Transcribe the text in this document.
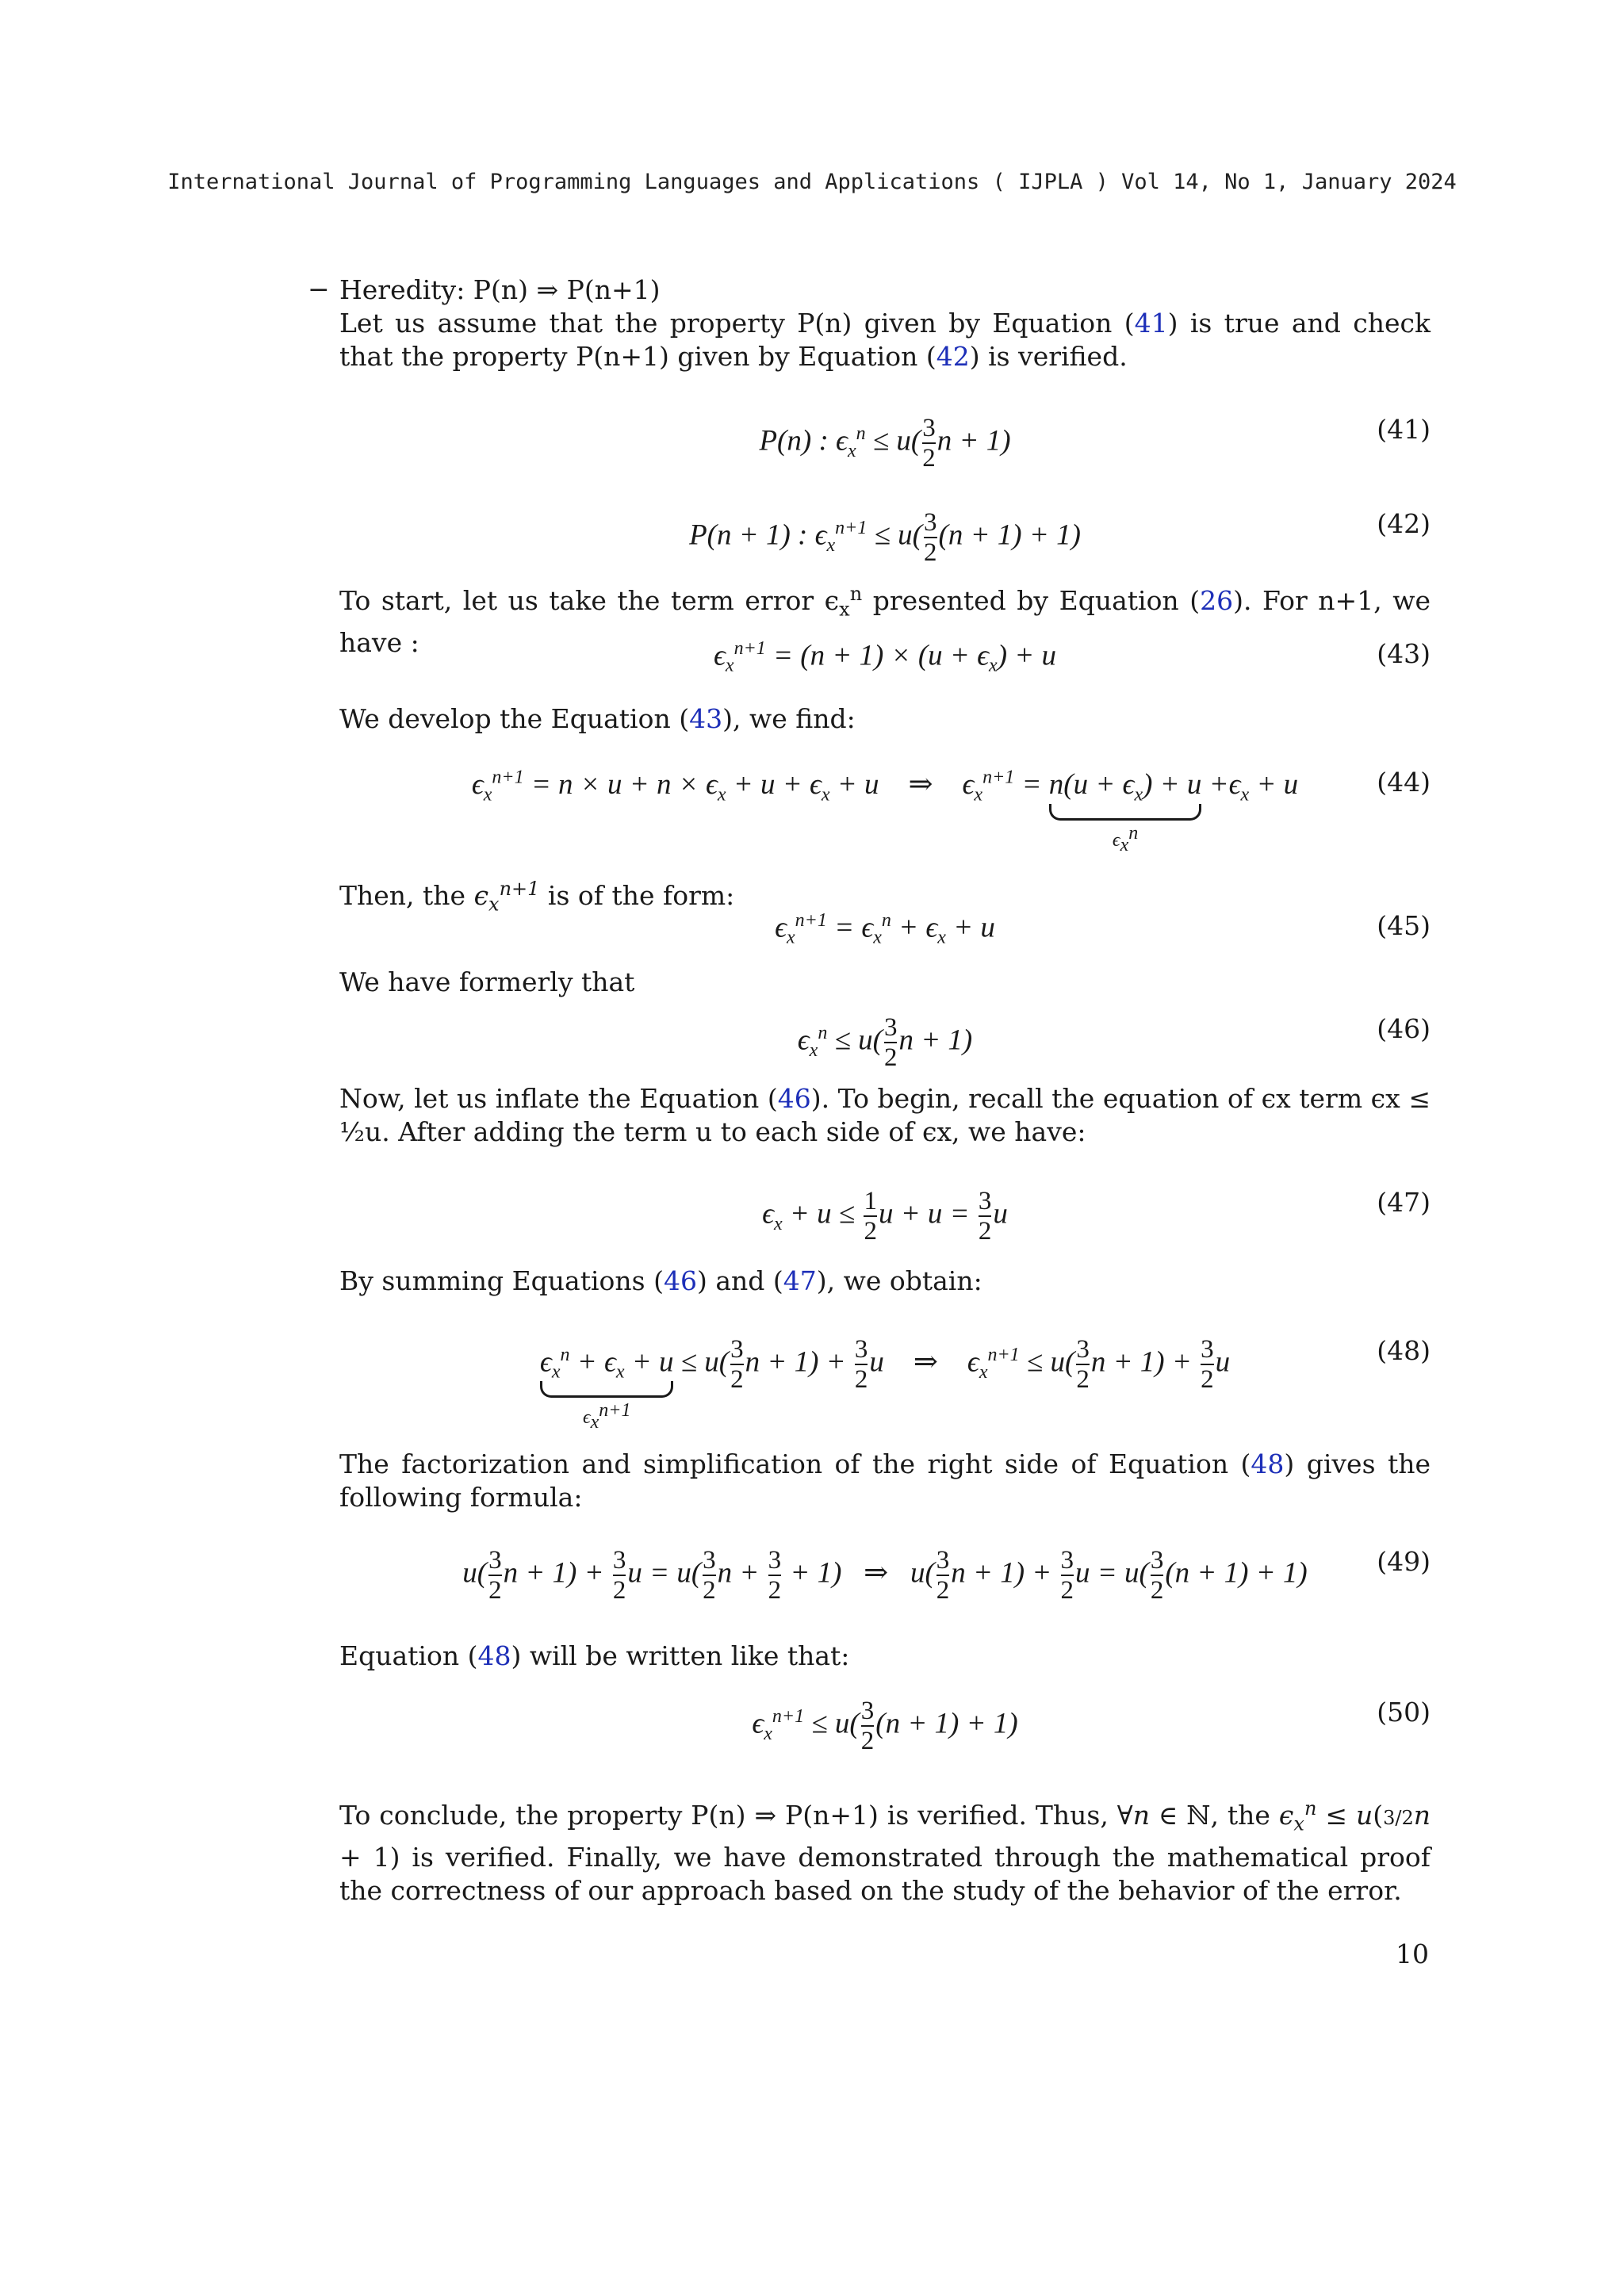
International Journal of Programming Languages and Applications ( IJPLA ) Vol 14, No 1, January 2024
− Heredity: P(n) ⇒ P(n+1)

Let us assume that the property P(n) given by Equation (41) is true and check that the property P(n+1) given by Equation (42) is verified.

P(n) : $\epsilon_x^n \le u( \frac{3}{2}$ n + 1)	(41)
P(n + 1) : $\epsilon_x^{n+1} \le u( \frac{3}{2} (n + 1) + 1)$	(42)

To start, let us take the term error $\epsilon_x^n$ presented by Equation (26). For n+1, we have :	$\epsilon_x^{n+1} = (n + 1) \times (u + \epsilon_x) + u$	(43)

We develop the Equation (43), we find:

$\epsilon_x^{n+1} = n \times u + n \times \epsilon_x + u + \epsilon_x + u$    ⇒    $\epsilon_x^{n+1} = n(u + \epsilon_x) + u$
$\epsilon_x^n$
$+\epsilon_x + u$	(44)

Then, the $\epsilon_x^{n+1}$ is of the form:

$\epsilon_x^{n+1} = \epsilon_x^n + \epsilon_x + u$	(45)

We have formerly that

$\epsilon_x^n \le u( \frac{3}{2}$ n + 1)	(46)

Now, let us inflate the Equation (46). To begin, recall the equation of ϵx term ϵx ≤ ½u. After adding the term u to each side of ϵx, we have:

$\epsilon_x + u \le \frac{1}{2}$ $u + u = \frac{3}{2}$ u	(47)

By summing Equations (46) and (47), we obtain:

$\epsilon_x^n + \epsilon_x + u$
$\epsilon_x^{n+1}$
≤ $u( \frac{3}{2}$ $n + 1) + \frac{3}{2}$ u    ⇒    $\epsilon_x^{n+1} \le u( \frac{3}{2}$ $n + 1) + \frac{3}{2}$ u	(48)

The factorization and simplification of the right side of Equation (48) gives the following formula:

$u( \frac{3}{2}$ $n + 1) + \frac{3}{2}$ $u = u( \frac{3}{2}$ $n + \frac{3}{2} + 1$)   ⇒   $u( \frac{3}{2}$ $n + 1) + \frac{3}{2}$ $u = u( \frac{3}{2} (n + 1) + 1)$	(49)

Equation (48) will be written like that:

$\epsilon_x^{n+1} \le u( \frac{3}{2} (n + 1) + 1)$	(50)

To conclude, the property P(n) ⇒ P(n+1) is verified. Thus, ∀n ∈ ℕ, the $\epsilon_x^n \le u(3/2n + 1)$ is verified. Finally, we have demonstrated through the mathematical proof the correctness of our approach based on the study of the behavior of the error.

10
